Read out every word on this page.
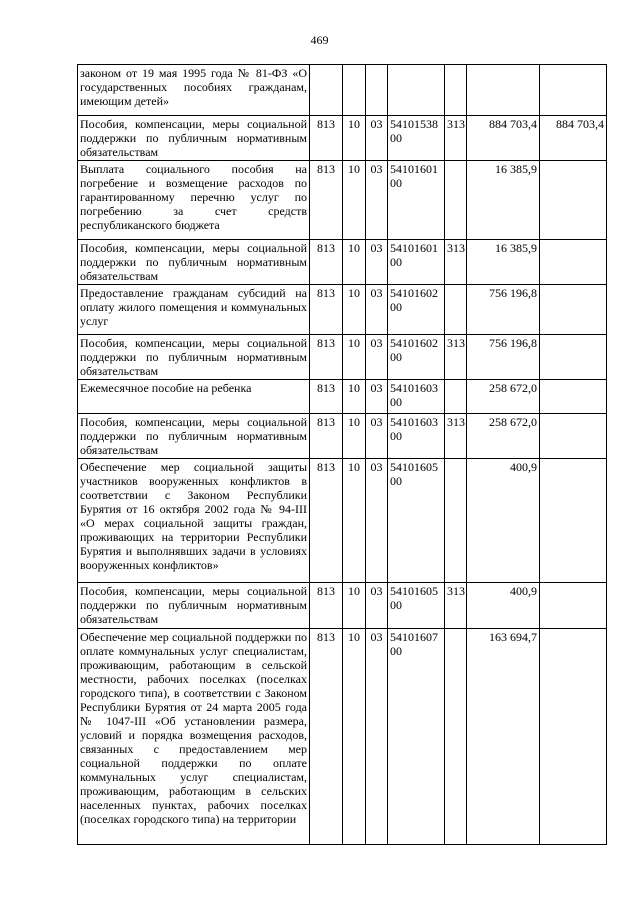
469
законом от 19 мая 1995 года № 81-ФЗ «О государственных пособиях гражданам, имеющим детей»							
Пособия, компенсации, меры социальной поддержки по публичным нормативным обязательствам	813	10	03	5410153800	313	884 703,4	884 703,4
Выплата социального пособия на погребение и возмещение расходов по гарантированному перечню услуг по погребению за счет средств республиканского бюджета	813	10	03	5410160100		16 385,9	
Пособия, компенсации, меры социальной поддержки по публичным нормативным обязательствам	813	10	03	5410160100	313	16 385,9	
Предоставление гражданам субсидий на оплату жилого помещения и коммунальных услуг	813	10	03	5410160200		756 196,8	
Пособия, компенсации, меры социальной поддержки по публичным нормативным обязательствам	813	10	03	5410160200	313	756 196,8	
Ежемесячное пособие на ребенка	813	10	03	5410160300		258 672,0	
Пособия, компенсации, меры социальной поддержки по публичным нормативным обязательствам	813	10	03	5410160300	313	258 672,0	
Обеспечение мер социальной защиты участников вооруженных конфликтов в соответствии с Законом Республики Бурятия от 16 октября 2002 года № 94-III «О мерах социальной защиты граждан, проживающих на территории Республики Бурятия и выполнявших задачи в условиях вооруженных конфликтов»	813	10	03	5410160500		400,9	
Пособия, компенсации, меры социальной поддержки по публичным нормативным обязательствам	813	10	03	5410160500	313	400,9	
Обеспечение мер социальной поддержки по оплате коммунальных услуг специалистам, проживающим, работающим в сельской местности, рабочих поселках (поселках городского типа), в соответствии с Законом Республики Бурятия от 24 марта 2005 года № 1047-III «Об установлении размера, условий и порядка возмещения расходов, связанных с предоставлением мер социальной поддержки по оплате коммунальных услуг специалистам, проживающим, работающим в сельских населенных пунктах, рабочих поселках (поселках городского типа) на территории	813	10	03	5410160700		163 694,7	
